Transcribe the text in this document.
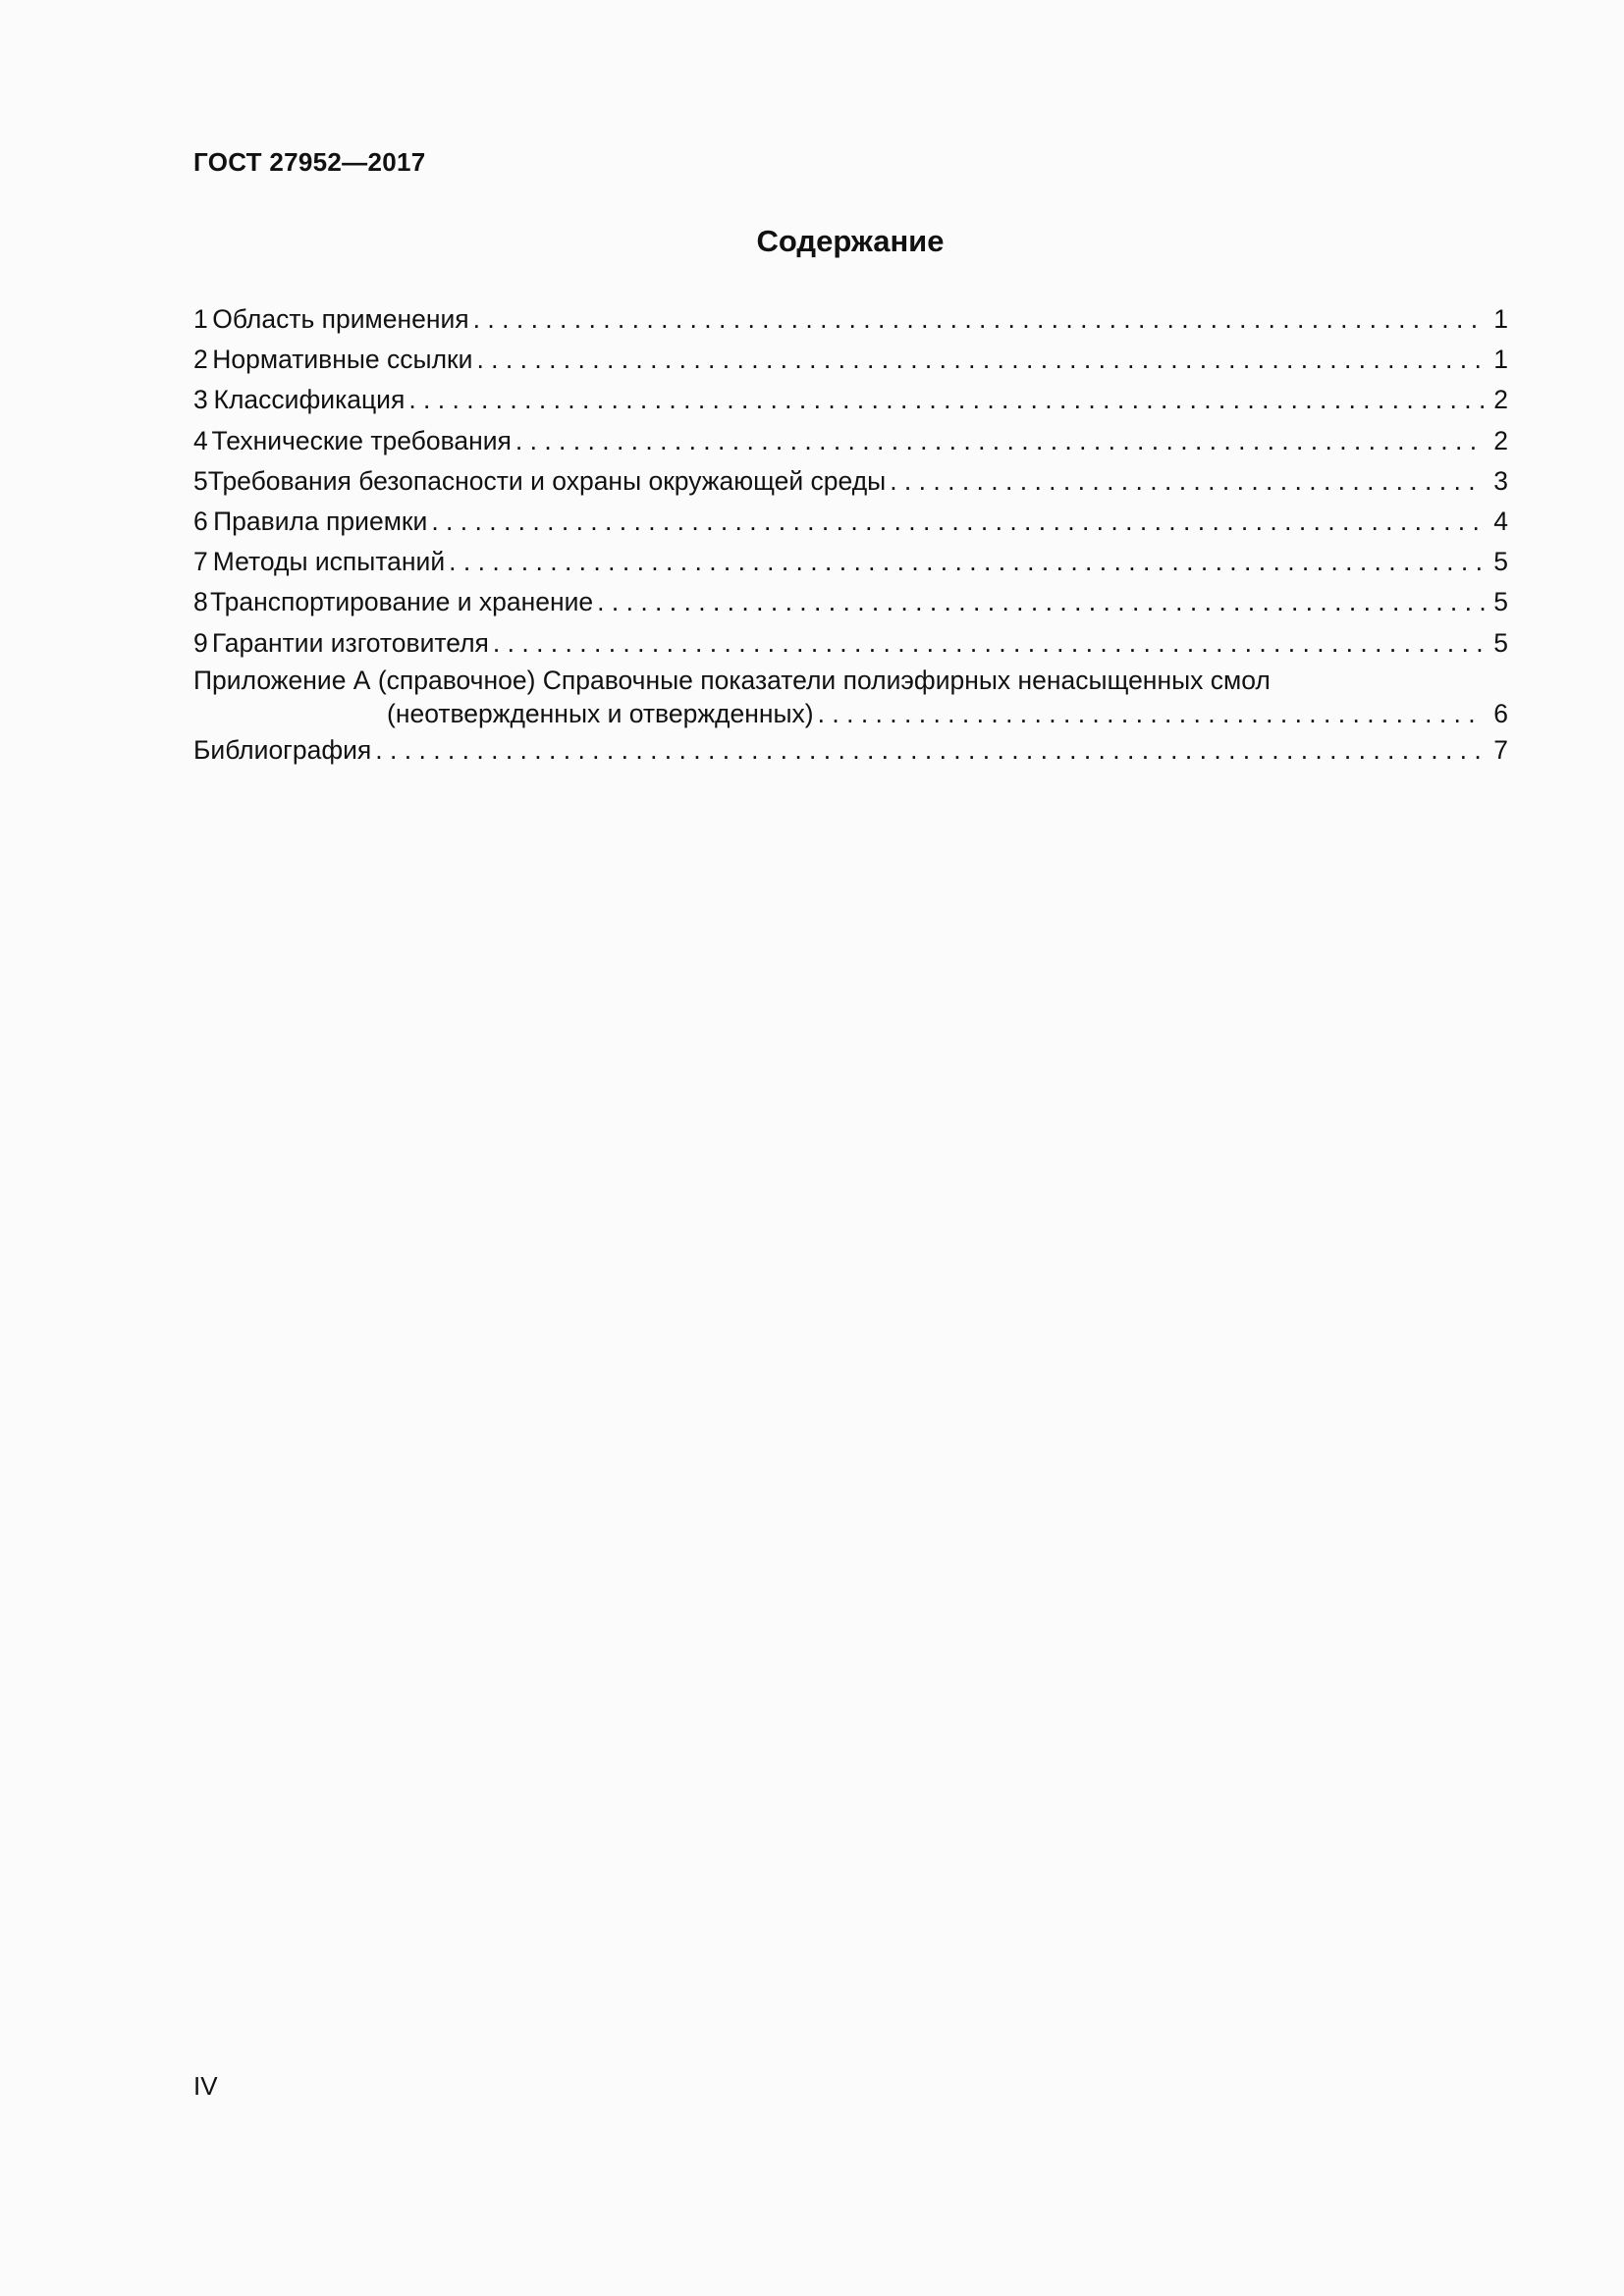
ГОСТ 27952—2017
Содержание
1 Область применения . . .	1
2 Нормативные ссылки . . .	1
3 Классификация . . .	2
4 Технические требования . . .	2
5 Требования безопасности и охраны окружающей среды . . .	3
6 Правила приемки . . .	4
7 Методы испытаний . . .	5
8 Транспортирование и хранение . . .	5
9 Гарантии изготовителя . . .	5
Приложение А (справочное) Справочные показатели полиэфирных ненасыщенных смол
(неотвержденных и отвержденных) . . .	6
Библиография . . .	7
IV
